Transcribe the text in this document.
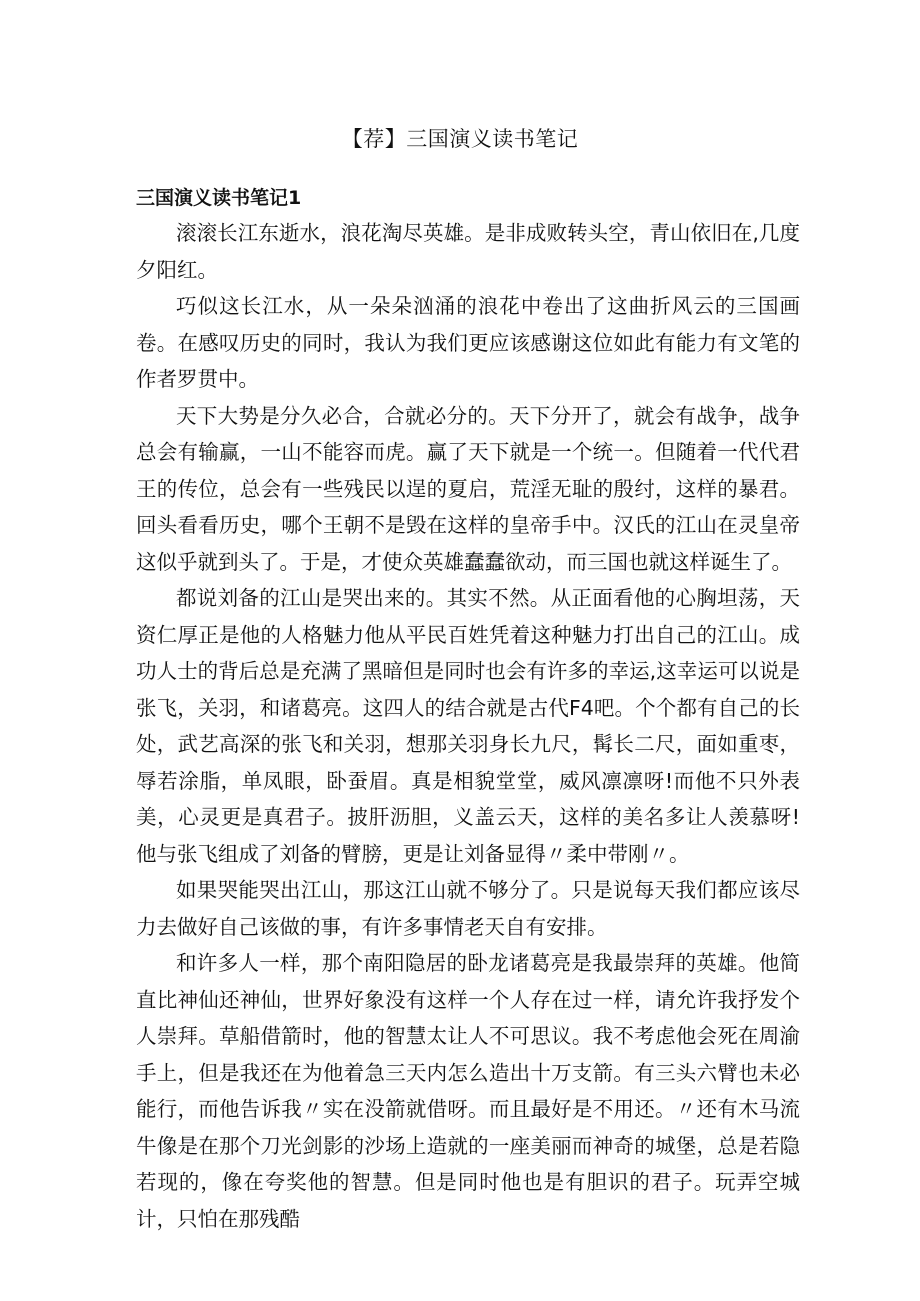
【荐】三国演义读书笔记
三国演义读书笔记1

滚滚长江东逝水，浪花淘尽英雄。是非成败转头空，青山依旧在,几度夕阳红。

巧似这长江水，从一朵朵汹涌的浪花中卷出了这曲折风云的三国画卷。在感叹历史的同时，我认为我们更应该感谢这位如此有能力有文笔的作者罗贯中。

天下大势是分久必合，合就必分的。天下分开了，就会有战争，战争总会有输赢，一山不能容而虎。赢了天下就是一个统一。但随着一代代君王的传位，总会有一些残民以逞的夏启，荒淫无耻的殷纣，这样的暴君。回头看看历史，哪个王朝不是毁在这样的皇帝手中。汉氏的江山在灵皇帝这似乎就到头了。于是，才使众英雄蠢蠢欲动，而三国也就这样诞生了。

都说刘备的江山是哭出来的。其实不然。从正面看他的心胸坦荡，天资仁厚正是他的人格魅力他从平民百姓凭着这种魅力打出自己的江山。成功人士的背后总是充满了黑暗但是同时也会有许多的幸运,这幸运可以说是张飞，关羽，和诸葛亮。这四人的结合就是古代F4吧。个个都有自己的长处，武艺高深的张飞和关羽，想那关羽身长九尺，髯长二尺，面如重枣，辱若涂脂，单凤眼，卧蚕眉。真是相貌堂堂，威风凛凛呀!而他不只外表美，心灵更是真君子。披肝沥胆，义盖云天，这样的美名多让人羡慕呀!他与张飞组成了刘备的臂膀，更是让刘备显得〃柔中带刚〃。

如果哭能哭出江山，那这江山就不够分了。只是说每天我们都应该尽力去做好自己该做的事，有许多事情老天自有安排。

和许多人一样，那个南阳隐居的卧龙诸葛亮是我最崇拜的英雄。他简直比神仙还神仙，世界好象没有这样一个人存在过一样，请允许我抒发个人崇拜。草船借箭时，他的智慧太让人不可思议。我不考虑他会死在周渝手上，但是我还在为他着急三天内怎么造出十万支箭。有三头六臂也未必能行，而他告诉我〃实在没箭就借呀。而且最好是不用还。〃还有木马流牛像是在那个刀光剑影的沙场上造就的一座美丽而神奇的城堡，总是若隐若现的，像在夸奖他的智慧。但是同时他也是有胆识的君子。玩弄空城计，只怕在那残酷
